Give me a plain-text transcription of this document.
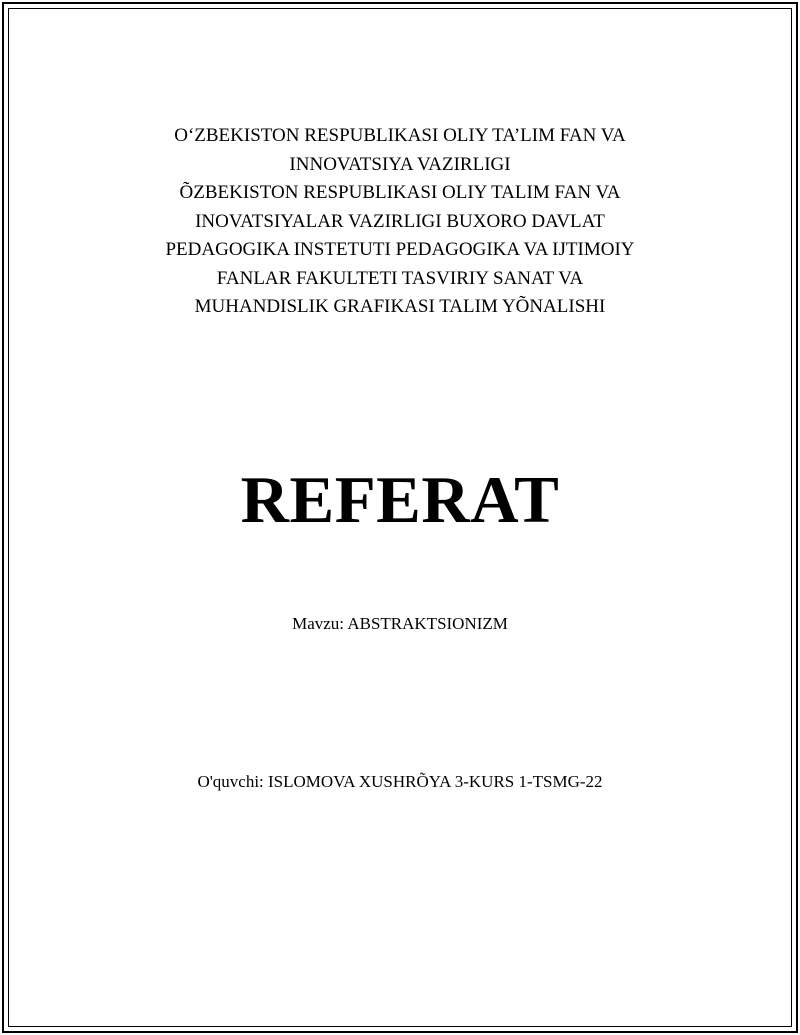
O‘ZBEKISTON RESPUBLIKASI OLIY TA’LIM FAN VA
INNOVATSIYA VAZIRLIGI
ÕZBEKISTON RESPUBLIKASI OLIY TALIM FAN VA
INOVATSIYALAR VAZIRLIGI BUXORO DAVLAT
PEDAGOGIKA INSTETUTI PEDAGOGIKA VA IJTIMOIY
FANLAR FAKULTETI TASVIRIY SANAT VA
MUHANDISLIK GRAFIKASI TALIM YÕNALISHI
REFERAT
Mavzu: ABSTRAKTSIONIZM
O'quvchi: ISLOMOVA XUSHRÕYA 3-KURS 1-TSMG-22
